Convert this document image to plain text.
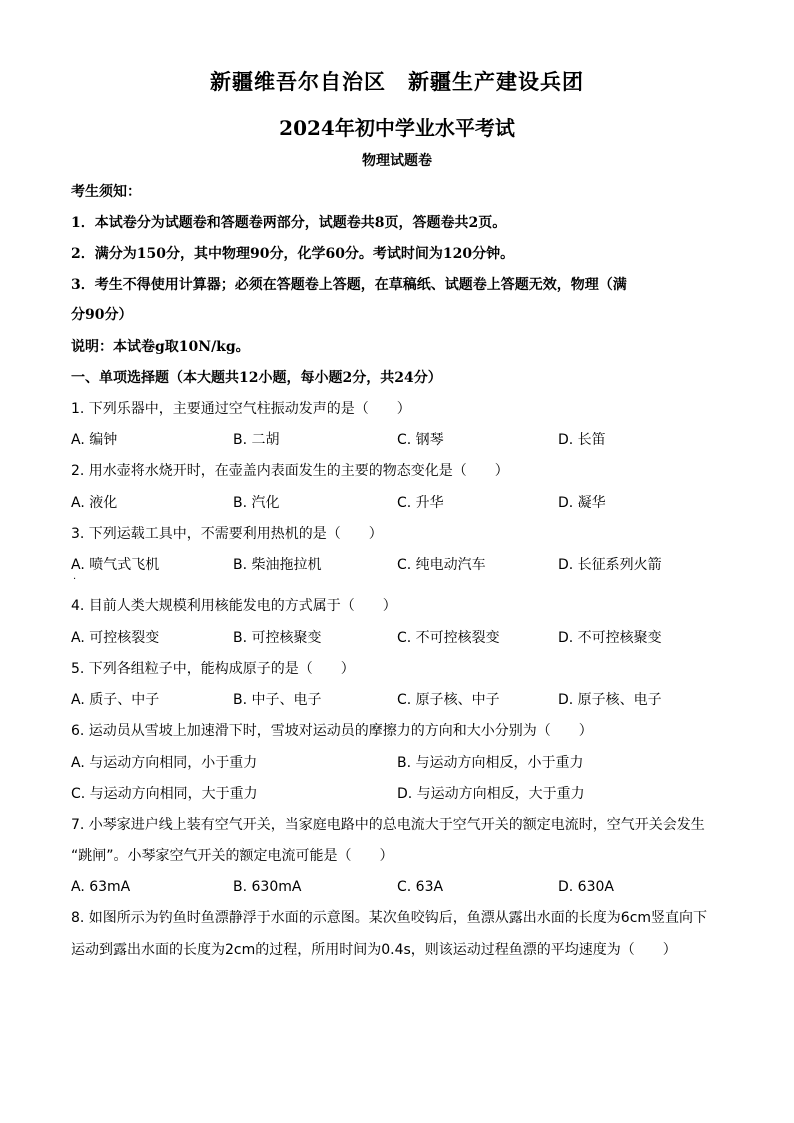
新疆维吾尔自治区　新疆生产建设兵团
2024年初中学业水平考试
物理试题卷
考生须知：
1．本试卷分为试题卷和答题卷两部分，试题卷共8页，答题卷共2页。
2．满分为150分，其中物理90分，化学60分。考试时间为120分钟。
3．考生不得使用计算器；必须在答题卷上答题，在草稿纸、试题卷上答题无效，物理（满
分90分）
说明：本试卷g取10N/kg。
一、单项选择题（本大题共12小题，每小题2分，共24分）
1. 下列乐器中，主要通过空气柱振动发声的是（　　）
A. 编钟	B. 二胡	C. 钢琴	D. 长笛
2. 用水壶将水烧开时，在壶盖内表面发生的主要的物态变化是（　　）
A. 液化	B. 汽化	C. 升华	D. 凝华
3. 下列运载工具中，不需要利用热机的是（　　）
A. 喷气式飞机	B. 柴油拖拉机	C. 纯电动汽车	D. 长征系列火箭
·
4. 目前人类大规模利用核能发电的方式属于（　　）
A. 可控核裂变	B. 可控核聚变	C. 不可控核裂变	D. 不可控核聚变
5. 下列各组粒子中，能构成原子的是（　　）
A. 质子、中子	B. 中子、电子	C. 原子核、中子	D. 原子核、电子
6. 运动员从雪坡上加速滑下时，雪坡对运动员的摩擦力的方向和大小分别为（　　）
A. 与运动方向相同，小于重力	B. 与运动方向相反，小于重力
C. 与运动方向相同，大于重力	D. 与运动方向相反，大于重力
7. 小琴家进户线上装有空气开关，当家庭电路中的总电流大于空气开关的额定电流时，空气开关会发生
“跳闸”。小琴家空气开关的额定电流可能是（　　）
A. 63mA	B. 630mA	C. 63A	D. 630A
8. 如图所示为钓鱼时鱼漂静浮于水面的示意图。某次鱼咬钩后，鱼漂从露出水面的长度为6cm竖直向下
运动到露出水面的长度为2cm的过程，所用时间为0.4s，则该运动过程鱼漂的平均速度为（　　）
